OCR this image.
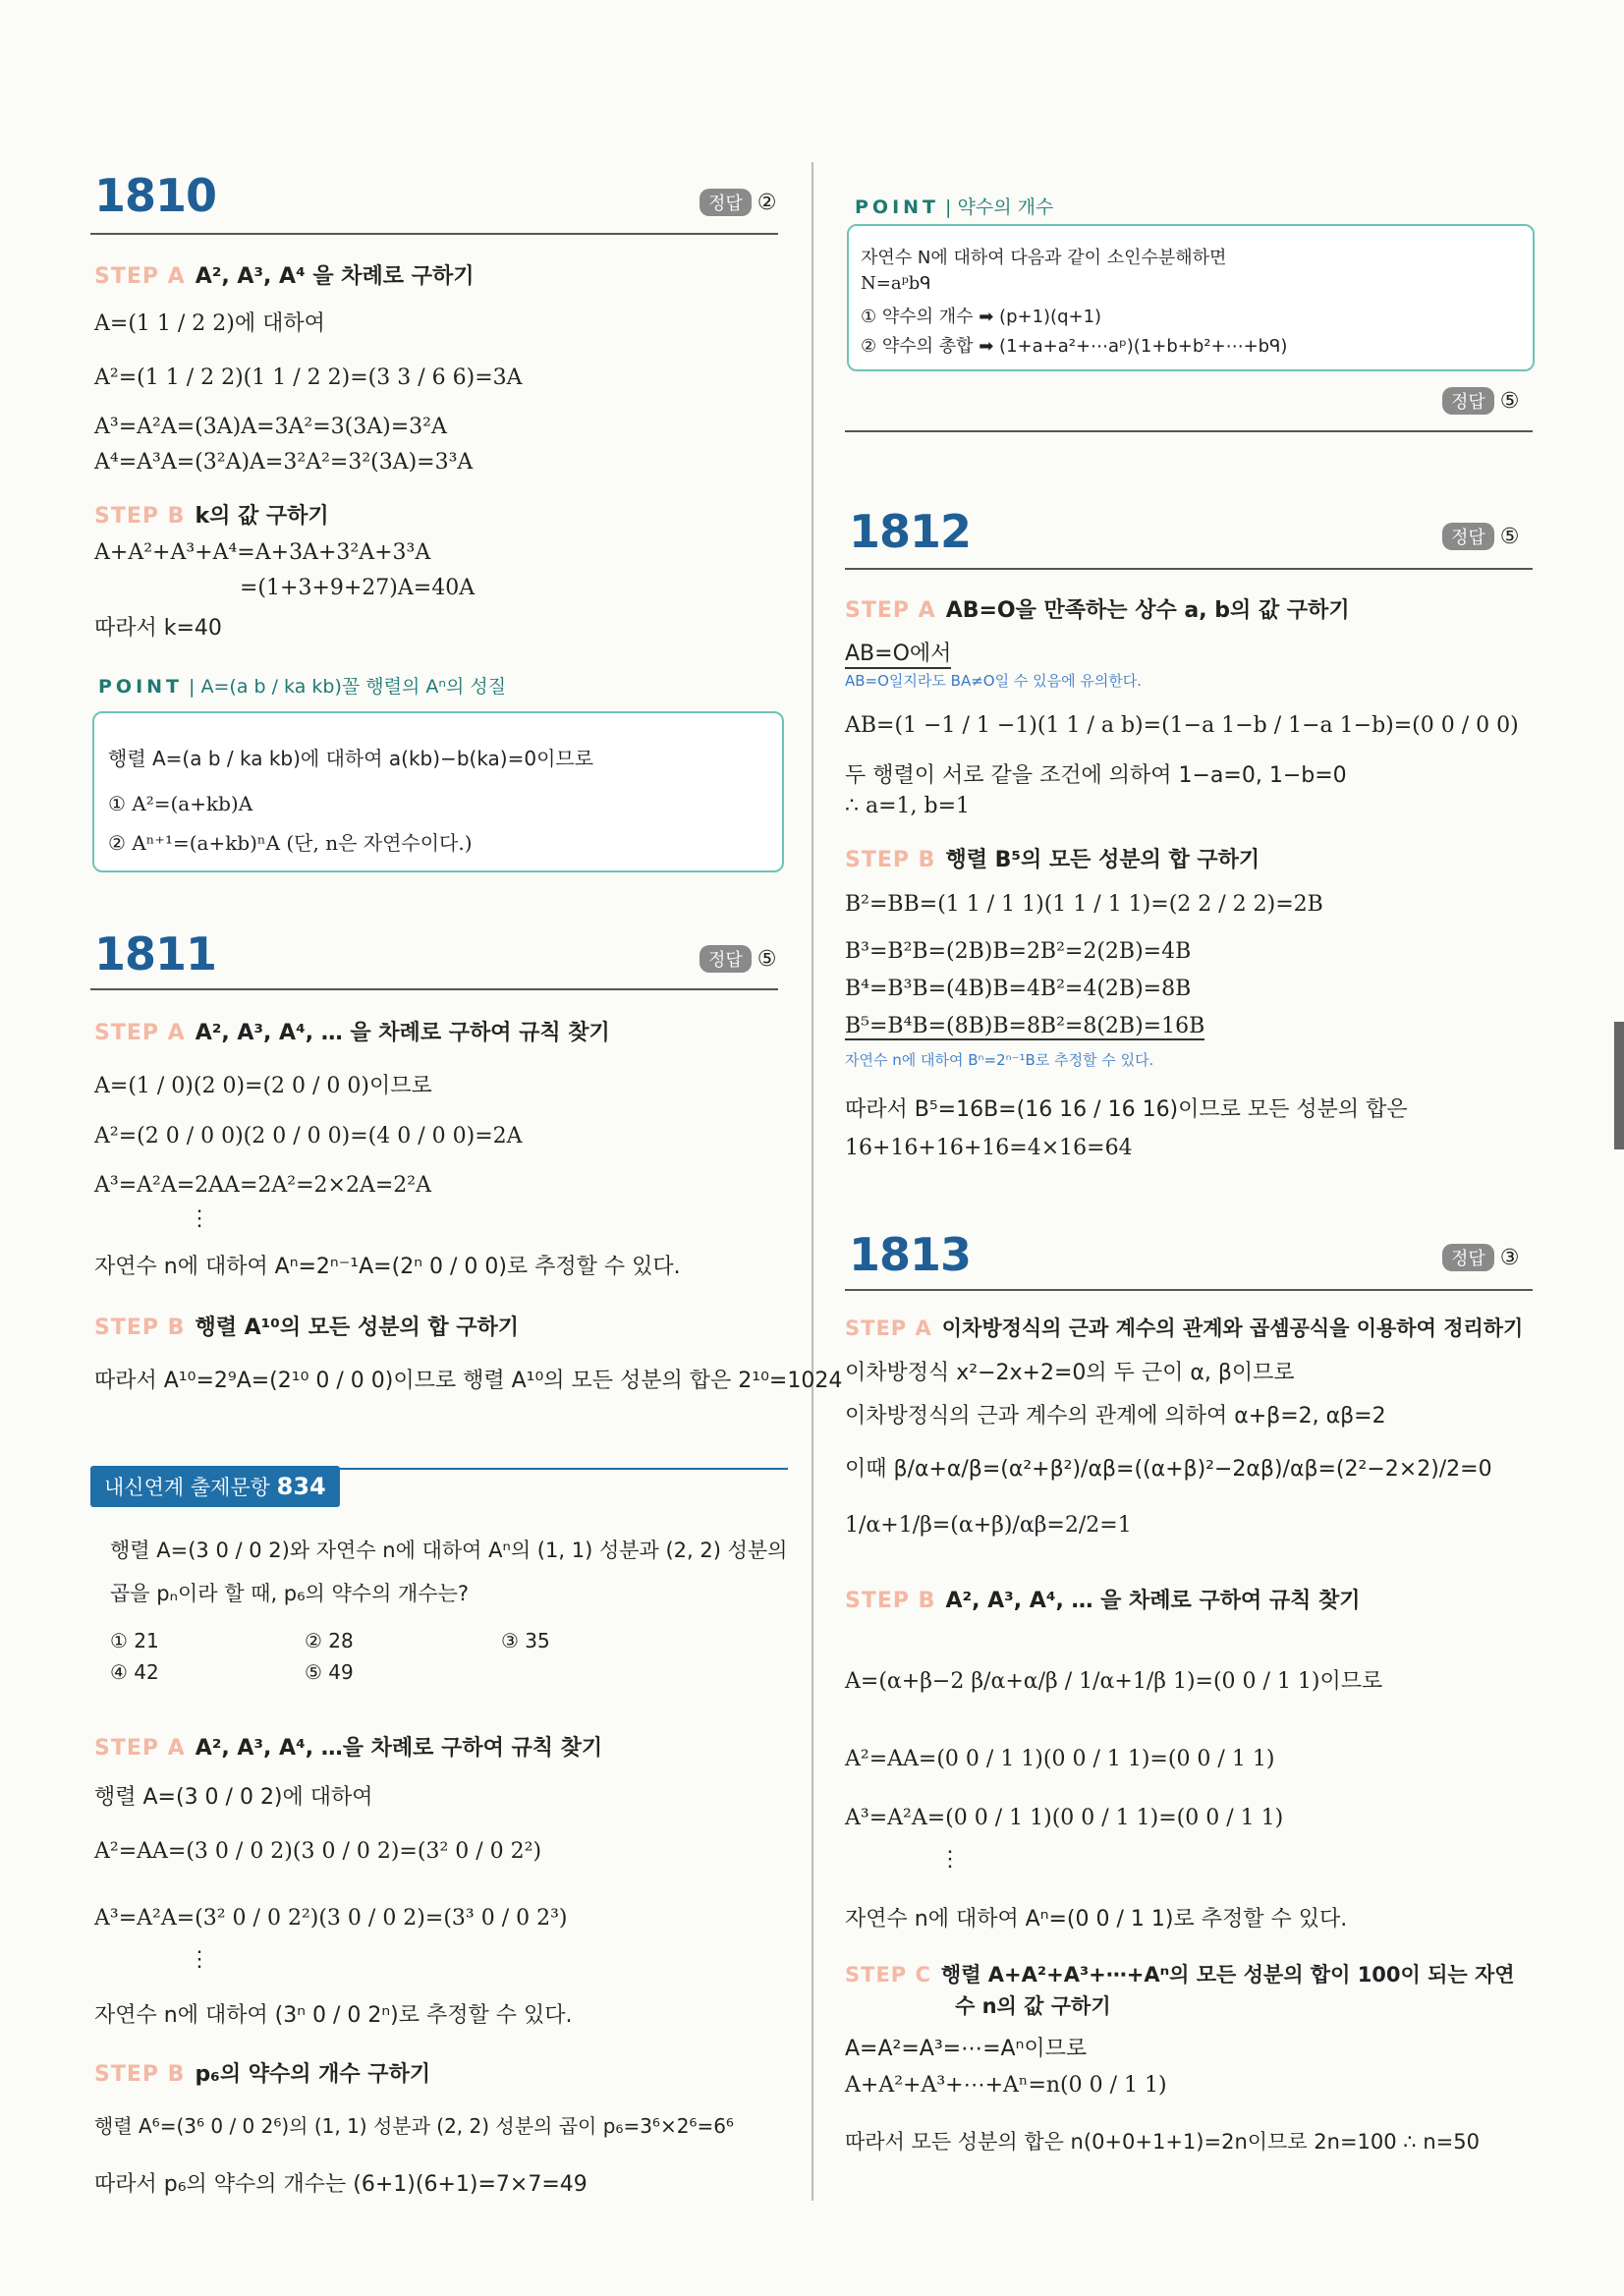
1810	정답 ②
STEP A A², A³, A⁴ 을 차례로 구하기
A=(1 1 / 2 2)에 대하여
A²=(1 1 / 2 2)(1 1 / 2 2)=(3 3 / 6 6)=3A
A³=A²A=(3A)A=3A²=3(3A)=3²A
A⁴=A³A=(3²A)A=3²A²=3²(3A)=3³A
STEP B k의 값 구하기
A+A²+A³+A⁴=A+3A+3²A+3³A
=(1+3+9+27)A=40A
따라서 k=40
POINT | A=(a b / ka kb)꼴 행렬의 Aⁿ의 성질
행렬 A=(a b / ka kb)에 대하여 a(kb)−b(ka)=0이므로
① A²=(a+kb)A
② Aⁿ⁺¹=(a+kb)ⁿA (단, n은 자연수이다.)
1811	정답 ⑤
STEP A A², A³, A⁴, … 을 차례로 구하여 규칙 찾기
A=(1 / 0)(2 0)=(2 0 / 0 0)이므로
A²=(2 0 / 0 0)(2 0 / 0 0)=(4 0 / 0 0)=2A
A³=A²A=2AA=2A²=2×2A=2²A
⋮
자연수 n에 대하여 Aⁿ=2ⁿ⁻¹A=(2ⁿ 0 / 0 0)로 추정할 수 있다.
STEP B 행렬 A¹⁰의 모든 성분의 합 구하기
따라서 A¹⁰=2⁹A=(2¹⁰ 0 / 0 0)이므로 행렬 A¹⁰의 모든 성분의 합은 2¹⁰=1024
내신연계 출제문항 834
행렬 A=(3 0 / 0 2)와 자연수 n에 대하여 Aⁿ의 (1, 1) 성분과 (2, 2) 성분의
곱을 pₙ이라 할 때, p₆의 약수의 개수는?
① 21	② 28	③ 35
④ 42	⑤ 49
STEP A A², A³, A⁴, …을 차례로 구하여 규칙 찾기
행렬 A=(3 0 / 0 2)에 대하여
A²=AA=(3 0 / 0 2)(3 0 / 0 2)=(3² 0 / 0 2²)
A³=A²A=(3² 0 / 0 2²)(3 0 / 0 2)=(3³ 0 / 0 2³)
⋮
자연수 n에 대하여 (3ⁿ 0 / 0 2ⁿ)로 추정할 수 있다.
STEP B p₆의 약수의 개수 구하기
행렬 A⁶=(3⁶ 0 / 0 2⁶)의 (1, 1) 성분과 (2, 2) 성분의 곱이 p₆=3⁶×2⁶=6⁶
따라서 p₆의 약수의 개수는 (6+1)(6+1)=7×7=49
POINT | 약수의 개수
자연수 N에 대하여 다음과 같이 소인수분해하면
N=aᵖbᑫ
① 약수의 개수 ➡ (p+1)(q+1)
② 약수의 총합 ➡ (1+a+a²+⋯aᵖ)(1+b+b²+⋯+bᑫ)
정답 ⑤
1812	정답 ⑤
STEP A AB=O을 만족하는 상수 a, b의 값 구하기
AB=O에서
AB=O일지라도 BA≠O일 수 있음에 유의한다.
AB=(1 −1 / 1 −1)(1 1 / a b)=(1−a 1−b / 1−a 1−b)=(0 0 / 0 0)
두 행렬이 서로 같을 조건에 의하여 1−a=0, 1−b=0
∴ a=1, b=1
STEP B 행렬 B⁵의 모든 성분의 합 구하기
B²=BB=(1 1 / 1 1)(1 1 / 1 1)=(2 2 / 2 2)=2B
B³=B²B=(2B)B=2B²=2(2B)=4B
B⁴=B³B=(4B)B=4B²=4(2B)=8B
B⁵=B⁴B=(8B)B=8B²=8(2B)=16B
자연수 n에 대하여 Bⁿ=2ⁿ⁻¹B로 추정할 수 있다.
따라서 B⁵=16B=(16 16 / 16 16)이므로 모든 성분의 합은
16+16+16+16=4×16=64
1813	정답 ③
STEP A 이차방정식의 근과 계수의 관계와 곱셈공식을 이용하여 정리하기
이차방정식 x²−2x+2=0의 두 근이 α, β이므로
이차방정식의 근과 계수의 관계에 의하여 α+β=2, αβ=2
이때 β/α+α/β=(α²+β²)/αβ=((α+β)²−2αβ)/αβ=(2²−2×2)/2=0
1/α+1/β=(α+β)/αβ=2/2=1
STEP B A², A³, A⁴, … 을 차례로 구하여 규칙 찾기
A=(α+β−2 β/α+α/β / 1/α+1/β 1)=(0 0 / 1 1)이므로
A²=AA=(0 0 / 1 1)(0 0 / 1 1)=(0 0 / 1 1)
A³=A²A=(0 0 / 1 1)(0 0 / 1 1)=(0 0 / 1 1)
⋮
자연수 n에 대하여 Aⁿ=(0 0 / 1 1)로 추정할 수 있다.
STEP C 행렬 A+A²+A³+⋯+Aⁿ의 모든 성분의 합이 100이 되는 자연
수 n의 값 구하기
A=A²=A³=⋯=Aⁿ이므로
A+A²+A³+⋯+Aⁿ=n(0 0 / 1 1)
따라서 모든 성분의 합은 n(0+0+1+1)=2n이므로 2n=100 ∴ n=50
